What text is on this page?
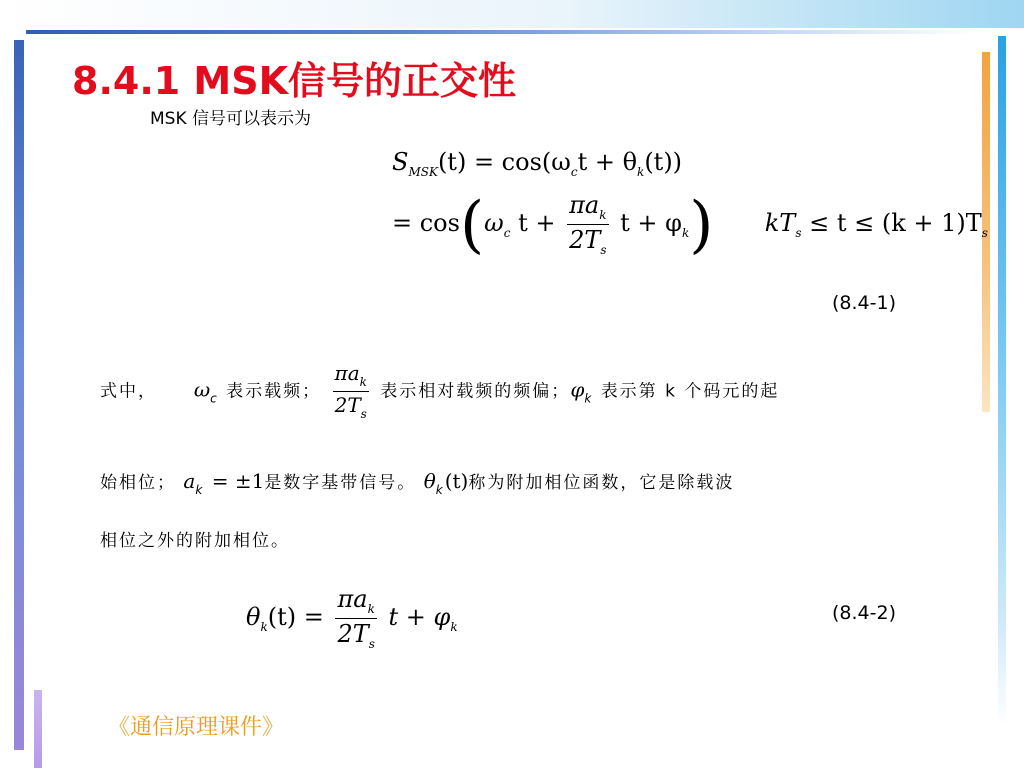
8.4.1 MSK信号的正交性
MSK 信号可以表示为
$S_{MSK}(t) = \cos(\omega_ct + \theta_k(t))$
= $\cos(\omega_c$ $t + \frac{\pi a_k}{2T_s}$ $t + \varphi_k$) $kT_s \le t \le (k + 1)T_s$
(8.4-1)
式中， $\omega_c$ 表示载频； $\frac{\pi a_k}{2T_s}$ 表示相对载频的频偏；$\varphi_k$ 表示第 k 个码元的起
始相位； $a_k = \pm 1$是数字基带信号。 $\theta_k(t)$称为附加相位函数，它是除载波
相位之外的附加相位。
$\theta_k(t) = \frac{\pi a_k}{2T_s}$ $t + \varphi_k$
(8.4-2)
《通信原理课件》
